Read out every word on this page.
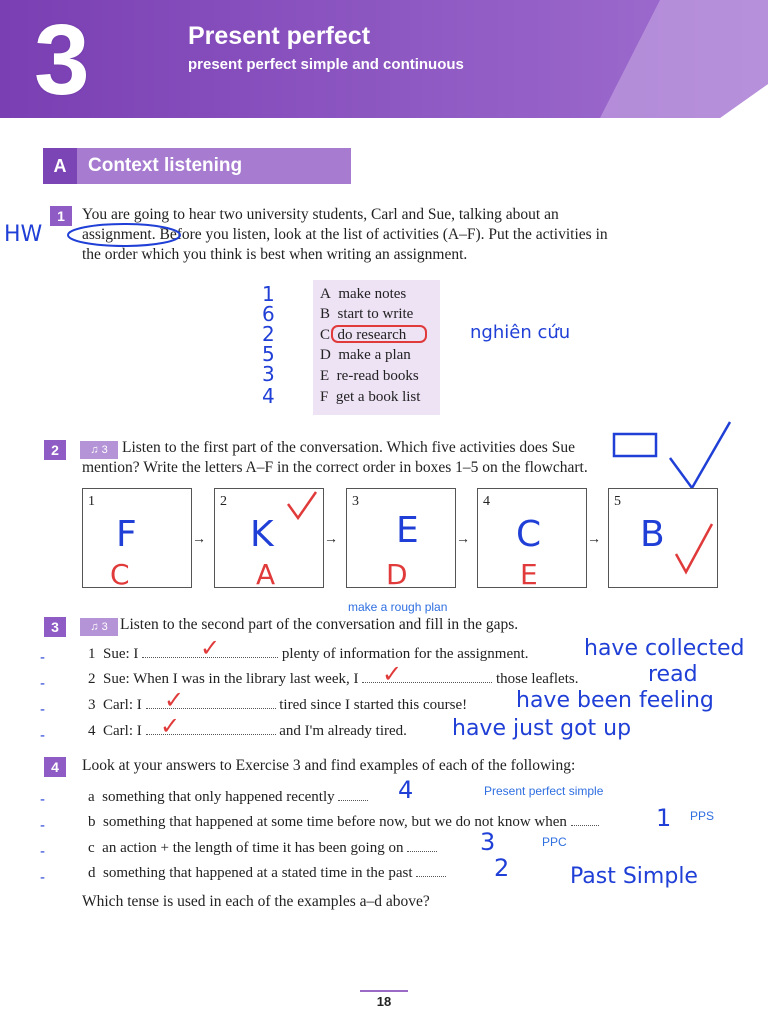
3	Present perfect
present perfect simple and continuous
A	Context listening
HW
1	You are going to hear two university students, Carl and Sue, talking about an
assignment. Before you listen, look at the list of activities (A–F). Put the activities in
the order which you think is best when writing an assignment.
A make notes
B start to write
C do research
D make a plan
E re-read books
F get a book list
1
6
2
5
3
4
nghiên cứu
2	♫ 3 Listen to the first part of the conversation. Which five activities does Sue
mention? Write the letters A–F in the correct order in boxes 1–5 on the flowchart.
1	2	3	4	5
→	→	→	→
F	K	E	C	B
C	A	D	E
make a rough plan
3	♫ 3 Listen to the second part of the conversation and fill in the gaps.
1 Sue: I	plenty of information for the assignment.
2 Sue: When I was in the library last week, I	those leaflets.
3 Carl: I	tired since I started this course!
4 Carl: I	and I'm already tired.
✓
✓
✓
✓
have collected
read
have been feeling
have just got up
4	Look at your answers to Exercise 3 and find examples of each of the following:
a something that only happened recently
b something that happened at some time before now, but we do not know when
c an action + the length of time it has been going on
d something that happened at a stated time in the past
4
1
3
2
Present perfect simple
PPS
PPC
Past Simple
Which tense is used in each of the examples a–d above?
-
-
-
-
-
-
-
-
18
